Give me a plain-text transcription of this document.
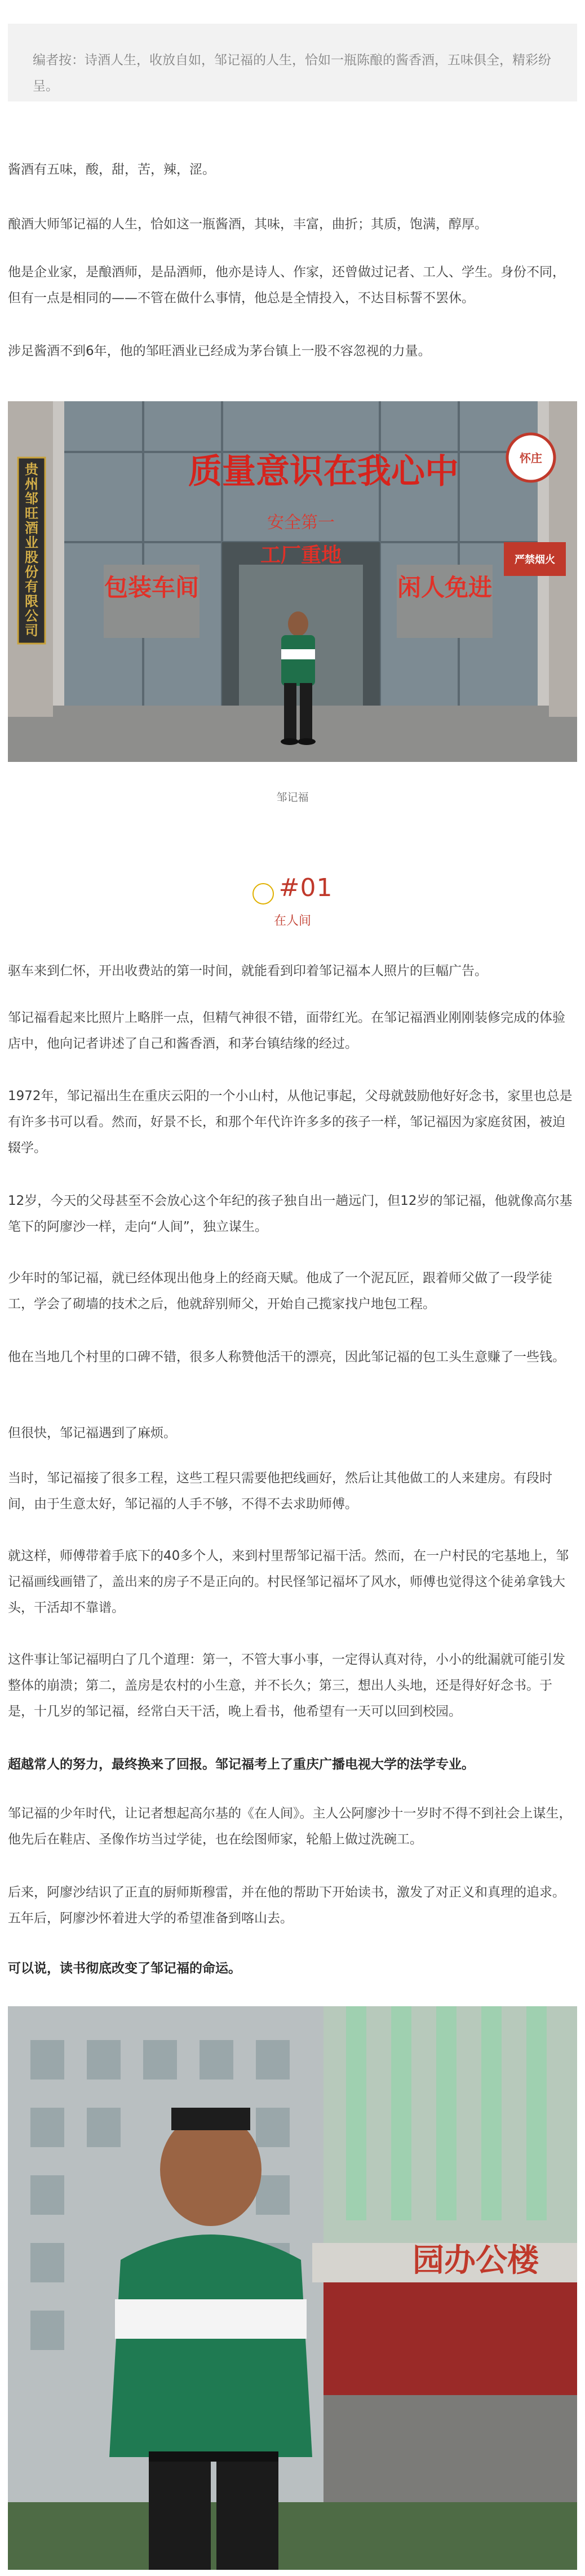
编者按：诗酒人生，收放自如，邹记福的人生，恰如一瓶陈酿的酱香酒，五味俱全，精彩纷呈。

酱酒有五味，酸，甜，苦，辣，涩。

酿酒大师邹记福的人生，恰如这一瓶酱酒，其味，丰富，曲折；其质，饱满，醇厚。

他是企业家，是酿酒师，是品酒师，他亦是诗人、作家，还曾做过记者、工人、学生。身份不同，但有一点是相同的——不管在做什么事情，他总是全情投入，不达目标誓不罢休。

涉足酱酒不到6年，他的邹旺酒业已经成为茅台镇上一股不容忽视的力量。

质量意识在我心中
安全第一
包装车间
工厂重地
闲人免进
怀庄
严禁烟火
贵州邹旺酒业股份有限公司
邹记福
#01
在人间

驱车来到仁怀，开出收费站的第一时间，就能看到印着邹记福本人照片的巨幅广告。

邹记福看起来比照片上略胖一点，但精气神很不错，面带红光。在邹记福酒业刚刚装修完成的体验店中，他向记者讲述了自己和酱香酒，和茅台镇结缘的经过。

1972年，邹记福出生在重庆云阳的一个小山村，从他记事起，父母就鼓励他好好念书，家里也总是有许多书可以看。然而，好景不长，和那个年代许许多多的孩子一样，邹记福因为家庭贫困，被迫辍学。

12岁，今天的父母甚至不会放心这个年纪的孩子独自出一趟远门，但12岁的邹记福，他就像高尔基笔下的阿廖沙一样，走向“人间”，独立谋生。

少年时的邹记福，就已经体现出他身上的经商天赋。他成了一个泥瓦匠，跟着师父做了一段学徒工，学会了砌墙的技术之后，他就辞别师父，开始自己揽家找户地包工程。

他在当地几个村里的口碑不错，很多人称赞他活干的漂亮，因此邹记福的包工头生意赚了一些钱。

但很快，邹记福遇到了麻烦。

当时，邹记福接了很多工程，这些工程只需要他把线画好，然后让其他做工的人来建房。有段时间，由于生意太好，邹记福的人手不够，不得不去求助师傅。

就这样，师傅带着手底下的40多个人，来到村里帮邹记福干活。然而，在一户村民的宅基地上，邹记福画线画错了，盖出来的房子不是正向的。村民怪邹记福坏了风水，师傅也觉得这个徒弟拿钱大头，干活却不靠谱。

这件事让邹记福明白了几个道理：第一，不管大事小事，一定得认真对待，小小的纰漏就可能引发整体的崩溃；第二，盖房是农村的小生意，并不长久；第三，想出人头地，还是得好好念书。于是，十几岁的邹记福，经常白天干活，晚上看书，他希望有一天可以回到校园。

超越常人的努力，最终换来了回报。邹记福考上了重庆广播电视大学的法学专业。

邹记福的少年时代，让记者想起高尔基的《在人间》。主人公阿廖沙十一岁时不得不到社会上谋生，他先后在鞋店、圣像作坊当过学徒，也在绘图师家，轮船上做过洗碗工。

后来，阿廖沙结识了正直的厨师斯穆雷，并在他的帮助下开始读书，激发了对正义和真理的追求。五年后，阿廖沙怀着进大学的希望准备到喀山去。

可以说，读书彻底改变了邹记福的命运。

园办公楼
